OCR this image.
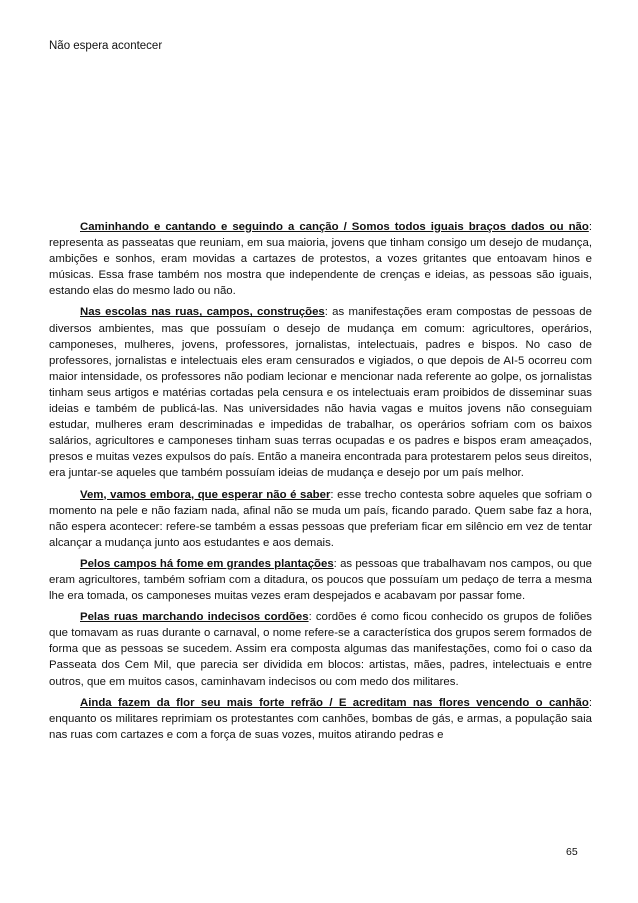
Não espera acontecer

Caminhando e cantando e seguindo a canção / Somos todos iguais braços dados ou não: representa as passeatas que reuniam, em sua maioria, jovens que tinham consigo um desejo de mudança, ambições e sonhos, eram movidas a cartazes de protestos, a vozes gritantes que entoavam hinos e músicas. Essa frase também nos mostra que independente de crenças e ideias, as pessoas são iguais, estando elas do mesmo lado ou não.

Nas escolas nas ruas, campos, construções: as manifestações eram compostas de pessoas de diversos ambientes, mas que possuíam o desejo de mudança em comum: agricultores, operários, camponeses, mulheres, jovens, professores, jornalistas, intelectuais, padres e bispos. No caso de professores, jornalistas e intelectuais eles eram censurados e vigiados, o que depois de AI-5 ocorreu com maior intensidade, os professores não podiam lecionar e mencionar nada referente ao golpe, os jornalistas tinham seus artigos e matérias cortadas pela censura e os intelectuais eram proibidos de disseminar suas ideias e também de publicá-las. Nas universidades não havia vagas e muitos jovens não conseguiam estudar, mulheres eram descriminadas e impedidas de trabalhar, os operários sofriam com os baixos salários, agricultores e camponeses tinham suas terras ocupadas e os padres e bispos eram ameaçados, presos e muitas vezes expulsos do país. Então a maneira encontrada para protestarem pelos seus direitos, era juntar-se aqueles que também possuíam ideias de mudança e desejo por um país melhor.

Vem, vamos embora, que esperar não é saber: esse trecho contesta sobre aqueles que sofriam o momento na pele e não faziam nada, afinal não se muda um país, ficando parado. Quem sabe faz a hora, não espera acontecer: refere-se também a essas pessoas que preferiam ficar em silêncio em vez de tentar alcançar a mudança junto aos estudantes e aos demais.

Pelos campos há fome em grandes plantações: as pessoas que trabalhavam nos campos, ou que eram agricultores, também sofriam com a ditadura, os poucos que possuíam um pedaço de terra a mesma lhe era tomada, os camponeses muitas vezes eram despejados e acabavam por passar fome.

Pelas ruas marchando indecisos cordões: cordões é como ficou conhecido os grupos de foliões que tomavam as ruas durante o carnaval, o nome refere-se a característica dos grupos serem formados de forma que as pessoas se sucedem. Assim era composta algumas das manifestações, como foi o caso da Passeata dos Cem Mil, que parecia ser dividida em blocos: artistas, mães, padres, intelectuais e entre outros, que em muitos casos, caminhavam indecisos ou com medo dos militares.

Ainda fazem da flor seu mais forte refrão / E acreditam nas flores vencendo o canhão: enquanto os militares reprimiam os protestantes com canhões, bombas de gás, e armas, a população saia nas ruas com cartazes e com a força de suas vozes, muitos atirando pedras e

65
